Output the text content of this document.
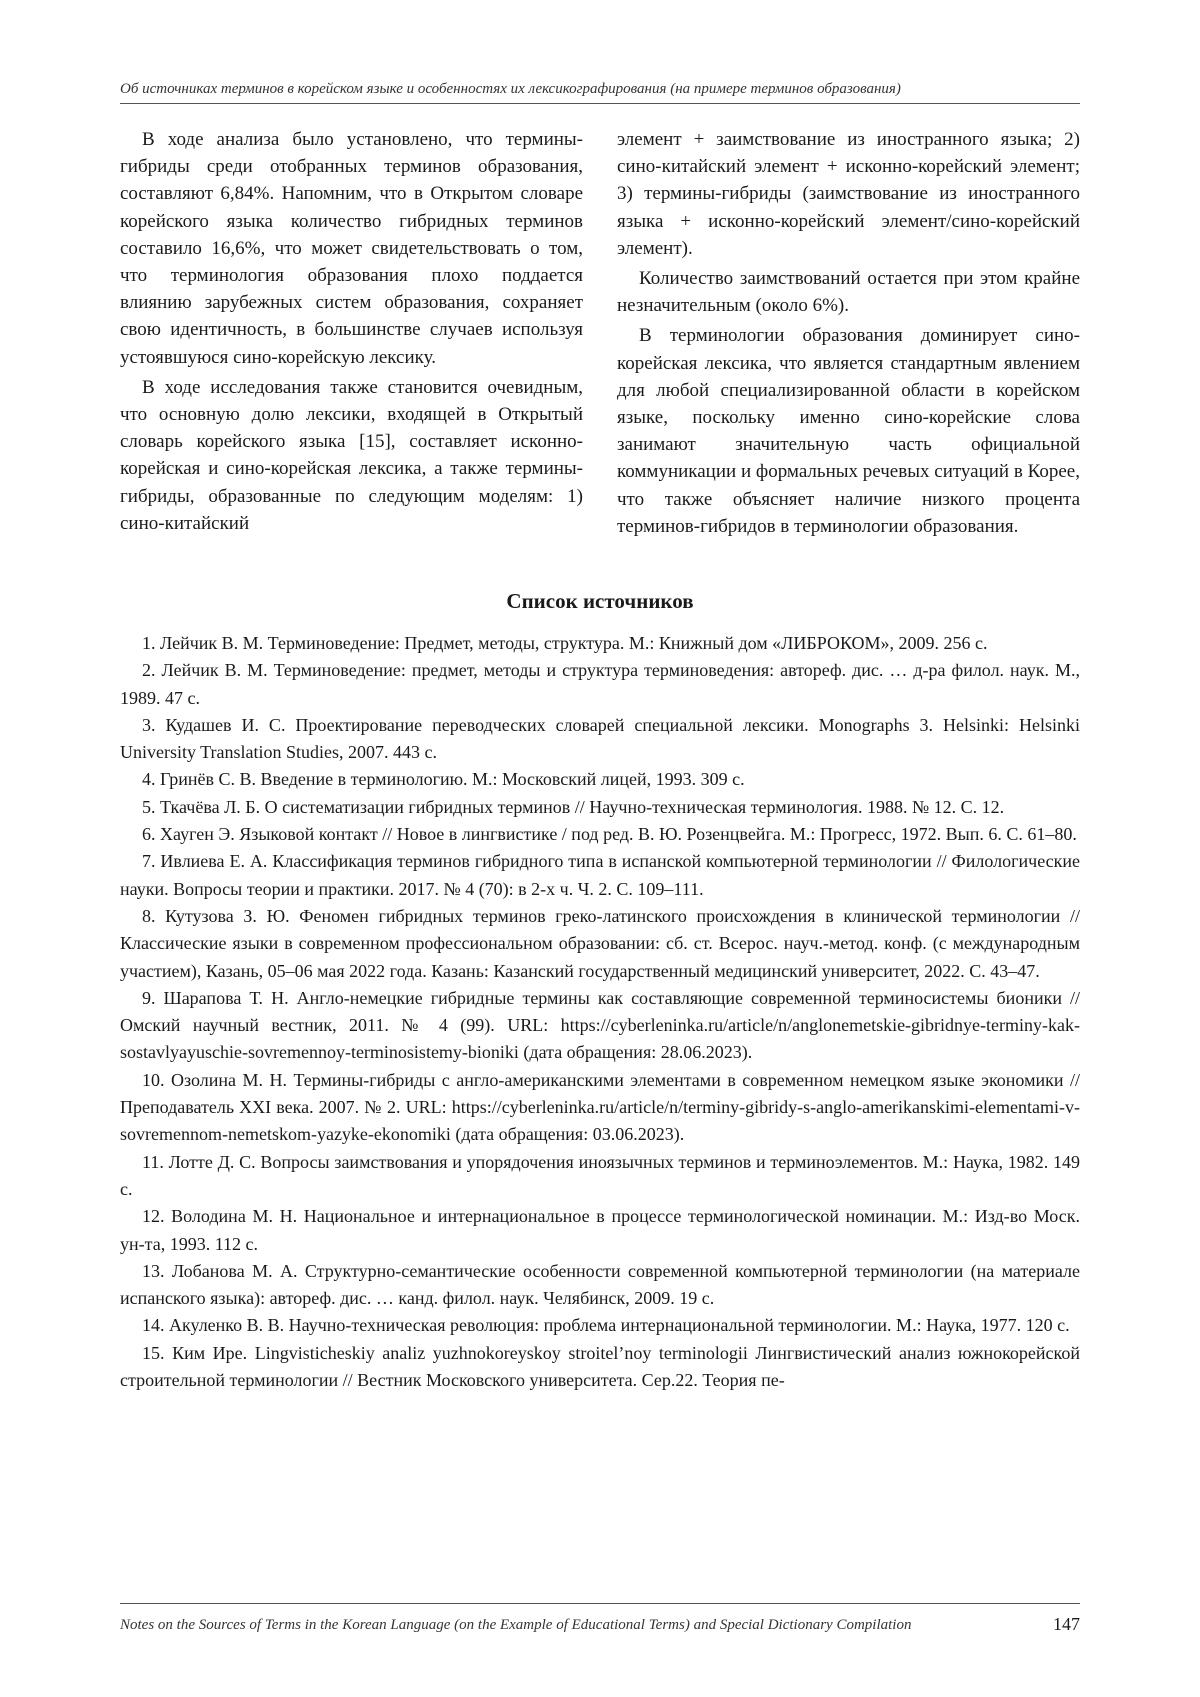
Об источниках терминов в корейском языке и особенностях их лексикографирования (на примере терминов образования)

В ходе анализа было установлено, что термины-гибриды среди отобранных терминов образования, составляют 6,84%. Напомним, что в Открытом словаре корейского языка количество гибридных терминов составило 16,6%, что может свидетельствовать о том, что терминология образования плохо поддается влиянию зарубежных систем образования, сохраняет свою идентичность, в большинстве случаев используя устоявшуюся сино-корейскую лексику.

В ходе исследования также становится очевидным, что основную долю лексики, входящей в Открытый словарь корейского языка [15], составляет исконно-корейская и сино-корейская лексика, а также термины-гибриды, образованные по следующим моделям: 1) сино-китайский

элемент + заимствование из иностранного языка; 2) сино-китайский элемент + исконно-корейский элемент; 3) термины-гибриды (заимствование из иностранного языка + исконно-корейский элемент/сино-корейский элемент).

Количество заимствований остается при этом крайне незначительным (около 6%).

В терминологии образования доминирует сино-корейская лексика, что является стандартным явлением для любой специализированной области в корейском языке, поскольку именно сино-корейские слова занимают значительную часть официальной коммуникации и формальных речевых ситуаций в Корее, что также объясняет наличие низкого процента терминов-гибридов в терминологии образования.

Список источников

1. Лейчик В. М. Терминоведение: Предмет, методы, структура. М.: Книжный дом «ЛИБРОКОМ», 2009. 256 с.

2. Лейчик В. М. Терминоведение: предмет, методы и структура терминоведения: автореф. дис. … д-ра филол. наук. М., 1989. 47 с.

3. Кудашев И. С. Проектирование переводческих словарей специальной лексики. Monographs 3. Helsinki: Helsinki University Translation Studies, 2007. 443 с.

4. Гринёв С. В. Введение в терминологию. М.: Московский лицей, 1993. 309 с.

5. Ткачёва Л. Б. О систематизации гибридных терминов // Научно-техническая терминология. 1988. № 12. С. 12.

6. Хауген Э. Языковой контакт // Новое в лингвистике / под ред. В. Ю. Розенцвейга. М.: Прогресс, 1972. Вып. 6. С. 61–80.

7. Ивлиева Е. А. Классификация терминов гибридного типа в испанской компьютерной терминологии // Филологические науки. Вопросы теории и практики. 2017. № 4 (70): в 2-х ч. Ч. 2. С. 109–111.

8. Кутузова З. Ю. Феномен гибридных терминов греко-латинского происхождения в клинической терминологии // Классические языки в современном профессиональном образовании: сб. ст. Всерос. науч.-метод. конф. (с международным участием), Казань, 05–06 мая 2022 года. Казань: Казанский государственный медицинский университет, 2022. С. 43–47.

9. Шарапова Т. Н. Англо-немецкие гибридные термины как составляющие современной терминосистемы бионики // Омский научный вестник, 2011. № 4 (99). URL: https://cyberleninka.ru/article/n/anglonemetskie-gibridnye-terminy-kak-sostavlyayuschie-sovremennoy-terminosistemy-bioniki (дата обращения: 28.06.2023).

10. Озолина М. Н. Термины-гибриды с англо-американскими элементами в современном немецком языке экономики // Преподаватель XXI века. 2007. № 2. URL: https://cyberleninka.ru/article/n/terminy-gibridy-s-anglo-amerikanskimi-elementami-v-sovremennom-nemetskom-yazyke-ekonomiki (дата обращения: 03.06.2023).

11. Лотте Д. С. Вопросы заимствования и упорядочения иноязычных терминов и терминоэлементов. М.: Наука, 1982. 149 с.

12. Володина М. Н. Национальное и интернациональное в процессе терминологической номинации. М.: Изд-во Моск. ун-та, 1993. 112 с.

13. Лобанова М. А. Структурно-семантические особенности современной компьютерной терминологии (на материале испанского языка): автореф. дис. … канд. филол. наук. Челябинск, 2009. 19 с.

14. Акуленко В. В. Научно-техническая революция: проблема интернациональной терминологии. М.: Наука, 1977. 120 с.

15. Ким Ире. Lingvisticheskiy analiz yuzhnokoreyskoy stroitel’noy terminologii Лингвистический анализ южнокорейской строительной терминологии // Вестник Московского университета. Сер.22. Теория пе-

Notes on the Sources of Terms in the Korean Language (on the Example of Educational Terms) and Special Dictionary Compilation	147
